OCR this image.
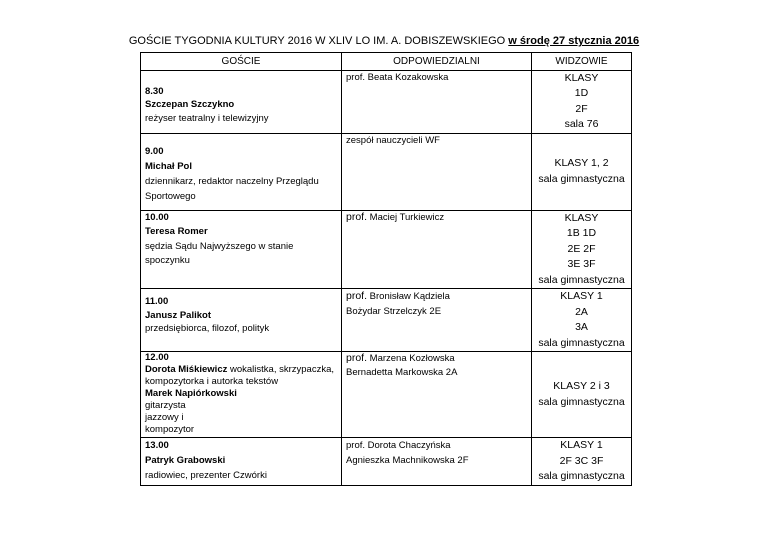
GOŚCIE TYGODNIA KULTURY 2016 W XLIV LO IM. A. DOBISZEWSKIEGO w środę 27 stycznia 2016
GOŚCIE	ODPOWIEDZIALNI	WIDZOWIE

8.30
Szczepan Szczykno
reżyser teatralny i telewizyjny	prof. Beata Kozakowska	KLASY
1D
2F
sala 76

9.00
Michał Pol
dziennikarz, redaktor naczelny Przeglądu Sportowego	zespół nauczycieli WF	KLASY 1, 2
sala gimnastyczna

10.00
Teresa Romer
sędzia Sądu Najwyższego w stanie spoczynku	prof. Maciej Turkiewicz	KLASY
1B 1D
2E 2F
3E 3F
sala gimnastyczna

11.00
Janusz Palikot
przedsiębiorca, filozof, polityk	prof. Bronisław Kądziela
Bożydar Strzelczyk 2E	KLASY 1
2A
3A
sala gimnastyczna

12.00
Dorota Miśkiewicz wokalistka, skrzypaczka, kompozytorka i autorka tekstów
Marek Napiórkowski
gitarzysta jazzowy i kompozytor	prof. Marzena Kozłowska
Bernadetta Markowska 2A	KLASY 2 i 3
sala gimnastyczna

13.00
Patryk Grabowski
radiowiec, prezenter Czwórki	prof. Dorota Chaczyńska
Agnieszka Machnikowska 2F	KLASY 1
2F 3C 3F
sala gimnastyczna
